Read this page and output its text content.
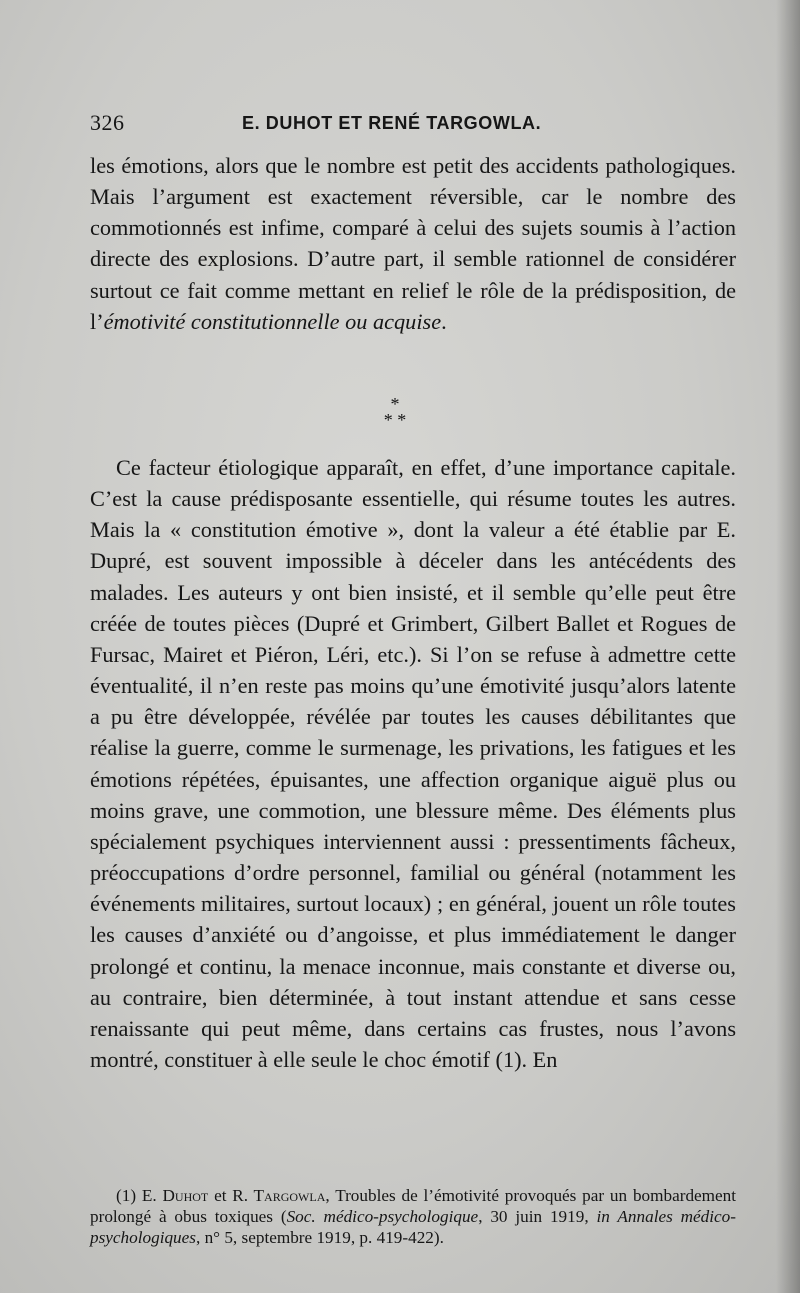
326	E. DUHOT ET RENÉ TARGOWLA.

les émotions, alors que le nombre est petit des accidents pathologiques. Mais l’argument est exactement réversible, car le nombre des commotionnés est infime, comparé à celui des sujets soumis à l’action directe des explosions. D’autre part, il semble rationnel de considérer surtout ce fait comme mettant en relief le rôle de la prédisposition, de l’émotivité constitutionnelle ou acquise.

*
* *

Ce facteur étiologique apparaît, en effet, d’une importance capitale. C’est la cause prédisposante essentielle, qui résume toutes les autres. Mais la « constitution émotive », dont la valeur a été établie par E. Dupré, est souvent impossible à déceler dans les antécédents des malades. Les auteurs y ont bien insisté, et il semble qu’elle peut être créée de toutes pièces (Dupré et Grimbert, Gilbert Ballet et Rogues de Fursac, Mairet et Piéron, Léri, etc.). Si l’on se refuse à admettre cette éventualité, il n’en reste pas moins qu’une émotivité jusqu’alors latente a pu être développée, révélée par toutes les causes débilitantes que réalise la guerre, comme le surmenage, les privations, les fatigues et les émotions répétées, épuisantes, une affection organique aiguë plus ou moins grave, une commotion, une blessure même. Des éléments plus spécialement psychiques interviennent aussi : pressentiments fâcheux, préoccupations d’ordre personnel, familial ou général (notamment les événements militaires, surtout locaux) ; en général, jouent un rôle toutes les causes d’anxiété ou d’angoisse, et plus immédiatement le danger prolongé et continu, la menace inconnue, mais constante et diverse ou, au contraire, bien déterminée, à tout instant attendue et sans cesse renaissante qui peut même, dans certains cas frustes, nous l’avons montré, constituer à elle seule le choc émotif (1). En

(1) E. Duhot et R. Targowla, Troubles de l’émotivité provoqués par un bombardement prolongé à obus toxiques (Soc. médico-psychologique, 30 juin 1919, in Annales médico-psychologiques, n° 5, septembre 1919, p. 419-422).
